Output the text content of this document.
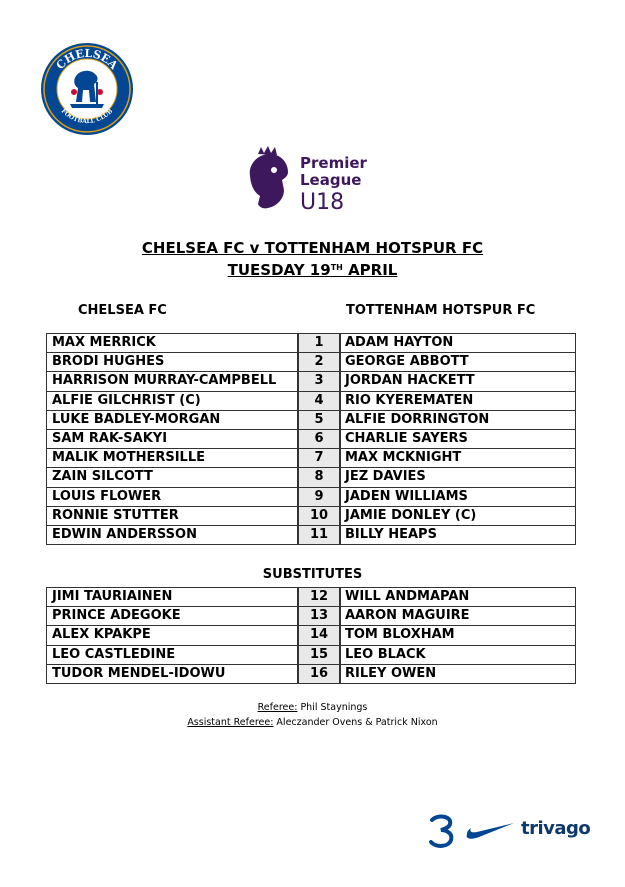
CHELSEA
FOOTBALL CLUB
Premier
League
U18
CHELSEA FC v TOTTENHAM HOTSPUR FC
TUESDAY 19TH APRIL
CHELSEA FC	TOTTENHAM HOTSPUR FC
MAX MERRICK	1	ADAM HAYTON
BRODI HUGHES	2	GEORGE ABBOTT
HARRISON MURRAY-CAMPBELL	3	JORDAN HACKETT
ALFIE GILCHRIST (C)	4	RIO KYEREMATEN
LUKE BADLEY-MORGAN	5	ALFIE DORRINGTON
SAM RAK-SAKYI	6	CHARLIE SAYERS
MALIK MOTHERSILLE	7	MAX MCKNIGHT
ZAIN SILCOTT	8	JEZ DAVIES
LOUIS FLOWER	9	JADEN WILLIAMS
RONNIE STUTTER	10	JAMIE DONLEY (C)
EDWIN ANDERSSON	11	BILLY HEAPS
SUBSTITUTES
JIMI TAURIAINEN	12	WILL ANDMAPAN
PRINCE ADEGOKE	13	AARON MAGUIRE
ALEX KPAKPE	14	TOM BLOXHAM
LEO CASTLEDINE	15	LEO BLACK
TUDOR MENDEL-IDOWU	16	RILEY OWEN
Referee: Phil Staynings
Assistant Referee: Aleczander Ovens & Patrick Nixon
trivago
